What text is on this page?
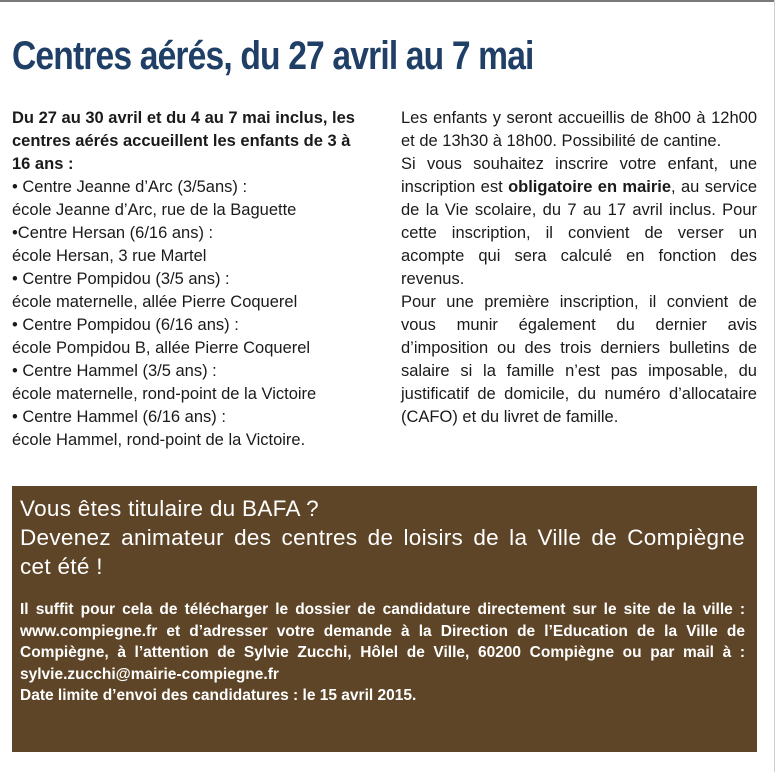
Centres aérés, du 27 avril au 7 mai

Du 27 au 30 avril et du 4 au 7 mai inclus, les centres aérés accueillent les enfants de 3 à 16 ans :

• Centre Jeanne d’Arc (3/5ans) :
école Jeanne d’Arc, rue de la Baguette
•Centre Hersan (6/16 ans) :
école Hersan, 3 rue Martel
• Centre Pompidou (3/5 ans) :
école maternelle, allée Pierre Coquerel
• Centre Pompidou (6/16 ans) :
école Pompidou B, allée Pierre Coquerel
• Centre Hammel (3/5 ans) :
école maternelle, rond-point de la Victoire
• Centre Hammel (6/16 ans) :
école Hammel, rond-point de la Victoire.

Les enfants y seront accueillis de 8h00 à 12h00 et de 13h30 à 18h00. Possibilité de cantine.

Si vous souhaitez inscrire votre enfant, une inscription est obligatoire en mairie, au service de la Vie scolaire, du 7 au 17 avril inclus. Pour cette inscription, il convient de verser un acompte qui sera calculé en fonction des revenus.

Pour une première inscription, il convient de vous munir également du dernier avis d’imposition ou des trois derniers bulletins de salaire si la famille n’est pas imposable, du justificatif de domicile, du numéro d’allocataire (CAFO) et du livret de famille.

Vous êtes titulaire du BAFA ?
Devenez animateur des centres de loisirs de la Ville de Compiègne cet été !

Il suffit pour cela de télécharger le dossier de candidature directement sur le site de la ville : www.compiegne.fr et d’adresser votre demande à la Direction de l’Education de la Ville de Compiègne, à l’attention de Sylvie Zucchi, Hôlel de Ville, 60200 Compiègne ou par mail à : sylvie.zucchi@mairie-compiegne.fr
Date limite d’envoi des candidatures : le 15 avril 2015.
